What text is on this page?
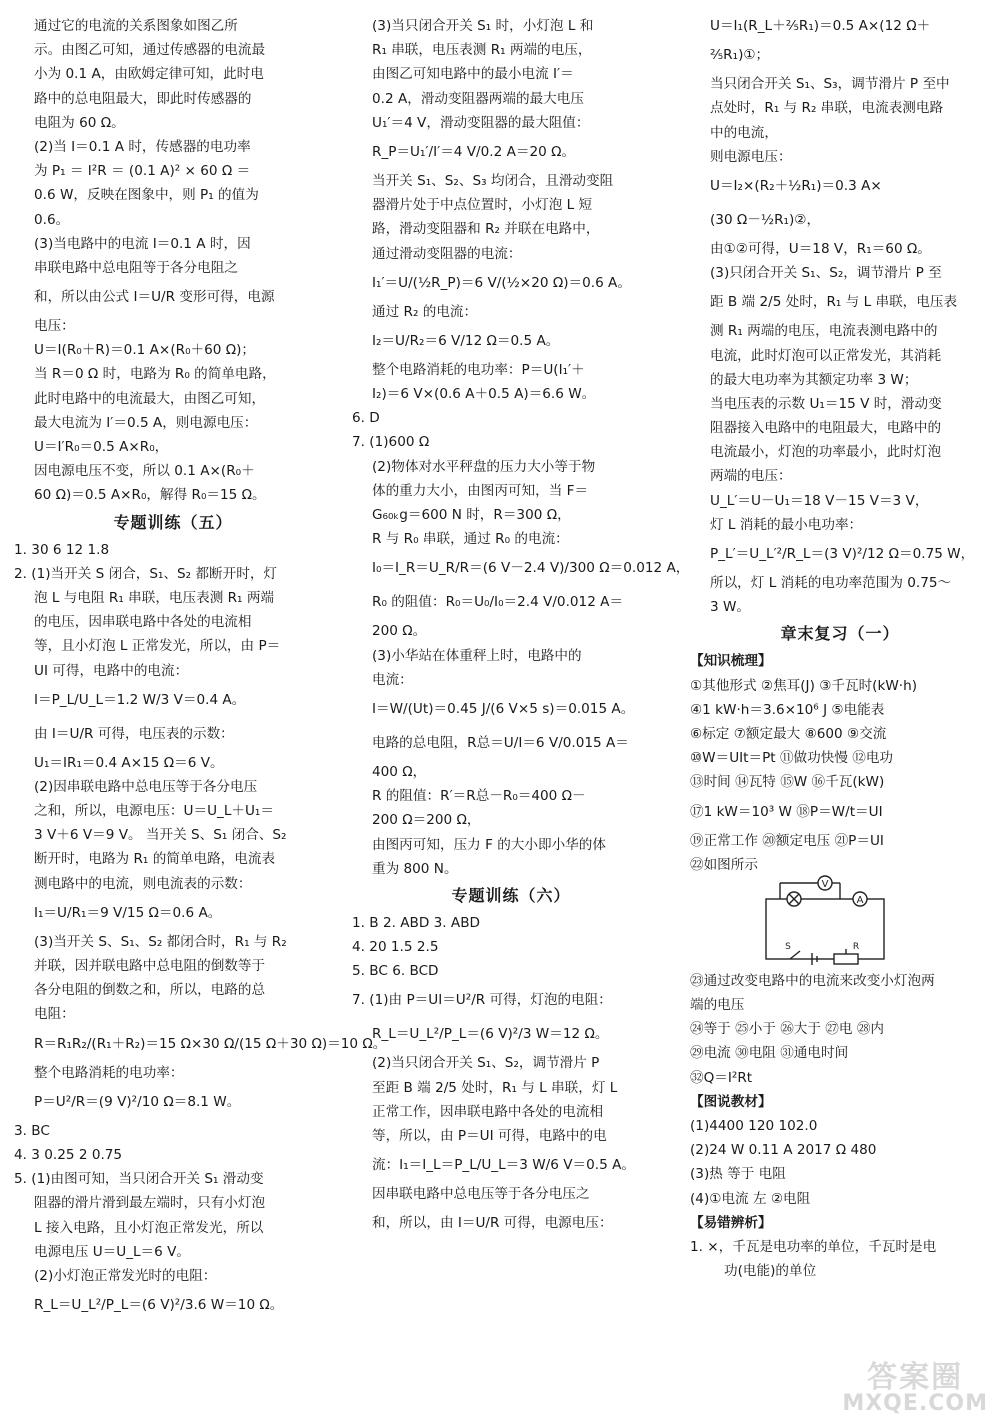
通过它的电流的关系图象如图乙所
示。由图乙可知，通过传感器的电流最
小为 0.1 A，由欧姆定律可知，此时电
路中的总电阻最大，即此时传感器的
电阻为 60 Ω。
(2)当 I＝0.1 A 时，传感器的电功率
为 P₁ ＝ I²R ＝ (0.1 A)² × 60 Ω ＝
0.6 W，反映在图象中，则 P₁ 的值为
0.6。
(3)当电路中的电流 I＝0.1 A 时，因
串联电路中总电阻等于各分电阻之
和，所以由公式 I＝U/R 变形可得，电源
电压：
U＝I(R₀＋R)＝0.1 A×(R₀＋60 Ω)；
当 R＝0 Ω 时，电路为 R₀ 的简单电路，
此时电路中的电流最大，由图乙可知，
最大电流为 I′＝0.5 A，则电源电压：
U＝I′R₀＝0.5 A×R₀，
因电源电压不变，所以 0.1 A×(R₀＋
60 Ω)＝0.5 A×R₀，解得 R₀＝15 Ω。
专题训练（五）
1. 30 6 12 1.8
2. (1)当开关 S 闭合，S₁、S₂ 都断开时，灯
泡 L 与电阻 R₁ 串联，电压表测 R₁ 两端
的电压，因串联电路中各处的电流相
等，且小灯泡 L 正常发光，所以，由 P＝
UI 可得，电路中的电流：
I＝P_L/U_L＝1.2 W/3 V＝0.4 A。
由 I＝U/R 可得，电压表的示数：
U₁＝IR₁＝0.4 A×15 Ω＝6 V。
(2)因串联电路中总电压等于各分电压
之和，所以，电源电压：U＝U_L＋U₁＝
3 V＋6 V＝9 V。 当开关 S、S₁ 闭合、S₂
断开时，电路为 R₁ 的简单电路，电流表
测电路中的电流，则电流表的示数：
I₁＝U/R₁＝9 V/15 Ω＝0.6 A。
(3)当开关 S、S₁、S₂ 都闭合时，R₁ 与 R₂
并联，因并联电路中总电阻的倒数等于
各分电阻的倒数之和，所以，电路的总
电阻：
R＝R₁R₂/(R₁＋R₂)＝15 Ω×30 Ω/(15 Ω＋30 Ω)＝10 Ω。
整个电路消耗的电功率：
P＝U²/R＝(9 V)²/10 Ω＝8.1 W。
3. BC
4. 3 0.25 2 0.75
5. (1)由图可知，当只闭合开关 S₁ 滑动变
阻器的滑片滑到最左端时，只有小灯泡
L 接入电路，且小灯泡正常发光，所以
电源电压 U＝U_L＝6 V。
(2)小灯泡正常发光时的电阻：
R_L＝U_L²/P_L＝(6 V)²/3.6 W＝10 Ω。
(3)当只闭合开关 S₁ 时，小灯泡 L 和
R₁ 串联，电压表测 R₁ 两端的电压，
由图乙可知电路中的最小电流 I′＝
0.2 A，滑动变阻器两端的最大电压
U₁′＝4 V，滑动变阻器的最大阻值：
R_P＝U₁′/I′＝4 V/0.2 A＝20 Ω。
当开关 S₁、S₂、S₃ 均闭合，且滑动变阻
器滑片处于中点位置时，小灯泡 L 短
路，滑动变阻器和 R₂ 并联在电路中，
通过滑动变阻器的电流：
I₁′＝U/(½R_P)＝6 V/(½×20 Ω)＝0.6 A。
通过 R₂ 的电流：
I₂＝U/R₂＝6 V/12 Ω＝0.5 A。
整个电路消耗的电功率：P＝U(I₁′＋
I₂)＝6 V×(0.6 A＋0.5 A)＝6.6 W。
6. D
7. (1)600 Ω
(2)物体对水平秤盘的压力大小等于物
体的重力大小，由图丙可知，当 F＝
G₆₀ₖg＝600 N 时，R＝300 Ω，
R 与 R₀ 串联，通过 R₀ 的电流：
I₀＝I_R＝U_R/R＝(6 V－2.4 V)/300 Ω＝0.012 A，
R₀ 的阻值：R₀＝U₀/I₀＝2.4 V/0.012 A＝
200 Ω。
(3)小华站在体重秤上时，电路中的
电流：
I＝W/(Ut)＝0.45 J/(6 V×5 s)＝0.015 A。
电路的总电阻，R总＝U/I＝6 V/0.015 A＝
400 Ω，
R 的阻值：R′＝R总－R₀＝400 Ω－
200 Ω＝200 Ω，
由图丙可知，压力 F 的大小即小华的体
重为 800 N。
专题训练（六）
1. B 2. ABD 3. ABD
4. 20 1.5 2.5
5. BC 6. BCD
7. (1)由 P＝UI＝U²/R 可得，灯泡的电阻：
R_L＝U_L²/P_L＝(6 V)²/3 W＝12 Ω。
(2)当只闭合开关 S₁、S₂，调节滑片 P
至距 B 端 2/5 处时，R₁ 与 L 串联，灯 L
正常工作，因串联电路中各处的电流相
等，所以，由 P＝UI 可得，电路中的电
流：I₁＝I_L＝P_L/U_L＝3 W/6 V＝0.5 A。
因串联电路中总电压等于各分电压之
和，所以，由 I＝U/R 可得，电源电压：
U＝I₁(R_L＋⅖R₁)＝0.5 A×(12 Ω＋
⅖R₁)①；
当只闭合开关 S₁、S₃，调节滑片 P 至中
点处时，R₁ 与 R₂ 串联，电流表测电路
中的电流，
则电源电压：
U＝I₂×(R₂＋½R₁)＝0.3 A×
(30 Ω－½R₁)②，
由①②可得，U＝18 V，R₁＝60 Ω。
(3)只闭合开关 S₁、S₂，调节滑片 P 至
距 B 端 2/5 处时，R₁ 与 L 串联，电压表
测 R₁ 两端的电压，电流表测电路中的
电流，此时灯泡可以正常发光，其消耗
的最大电功率为其额定功率 3 W；
当电压表的示数 U₁＝15 V 时，滑动变
阻器接入电路中的电阻最大，电路中的
电流最小，灯泡的功率最小，此时灯泡
两端的电压：
U_L′＝U－U₁＝18 V－15 V＝3 V，
灯 L 消耗的最小电功率：
P_L′＝U_L′²/R_L＝(3 V)²/12 Ω＝0.75 W，
所以，灯 L 消耗的电功率范围为 0.75～
3 W。
章末复习（一）
【知识梳理】
①其他形式 ②焦耳(J) ③千瓦时(kW·h)
④1 kW·h＝3.6×10⁶ J ⑤电能表
⑥标定 ⑦额定最大 ⑧600 ⑨交流
⑩W＝UIt＝Pt ⑪做功快慢 ⑫电功
⑬时间 ⑭瓦特 ⑮W ⑯千瓦(kW)
⑰1 kW＝10³ W ⑱P＝W/t＝UI
⑲正常工作 ⑳额定电压 ㉑P＝UI
㉒如图所示
V
A
S	R
㉓通过改变电路中的电流来改变小灯泡两
端的电压
㉔等于 ㉕小于 ㉖大于 ㉗电 ㉘内
㉙电流 ㉚电阻 ㉛通电时间
㉜Q＝I²Rt
【图说教材】
(1)4400 120 102.0
(2)24 W 0.11 A 2017 Ω 480
(3)热 等于 电阻
(4)①电流 左 ②电阻
【易错辨析】
1. ×，千瓦是电功率的单位，千瓦时是电
功(电能)的单位
答案圈
MXQE.COM
